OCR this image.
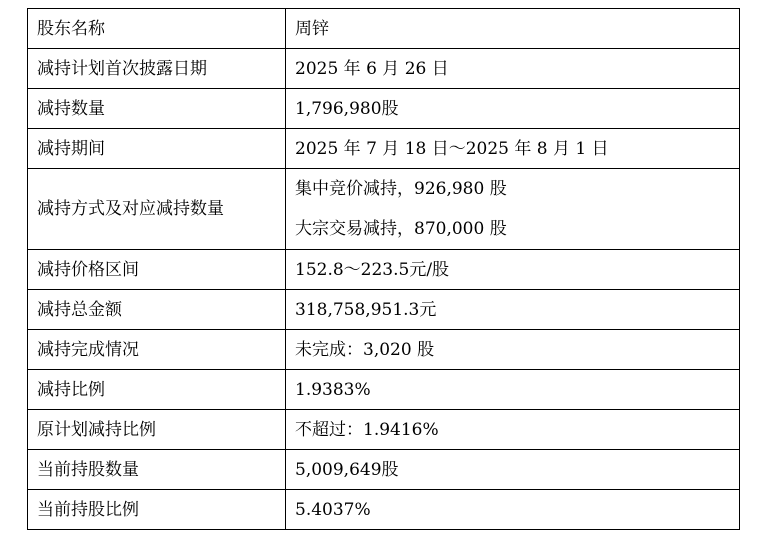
股东名称	周锌
减持计划首次披露日期	2025 年 6 月 26 日
减持数量	1,796,980股
减持期间	2025 年 7 月 18 日～2025 年 8 月 1 日
减持方式及对应减持数量	集中竞价减持，926,980 股
大宗交易减持，870,000 股

减持价格区间	152.8～223.5元/股
减持总金额	318,758,951.3元
减持完成情况	未完成：3,020 股
减持比例	1.9383%
原计划减持比例	不超过：1.9416%
当前持股数量	5,009,649股
当前持股比例	5.4037%
